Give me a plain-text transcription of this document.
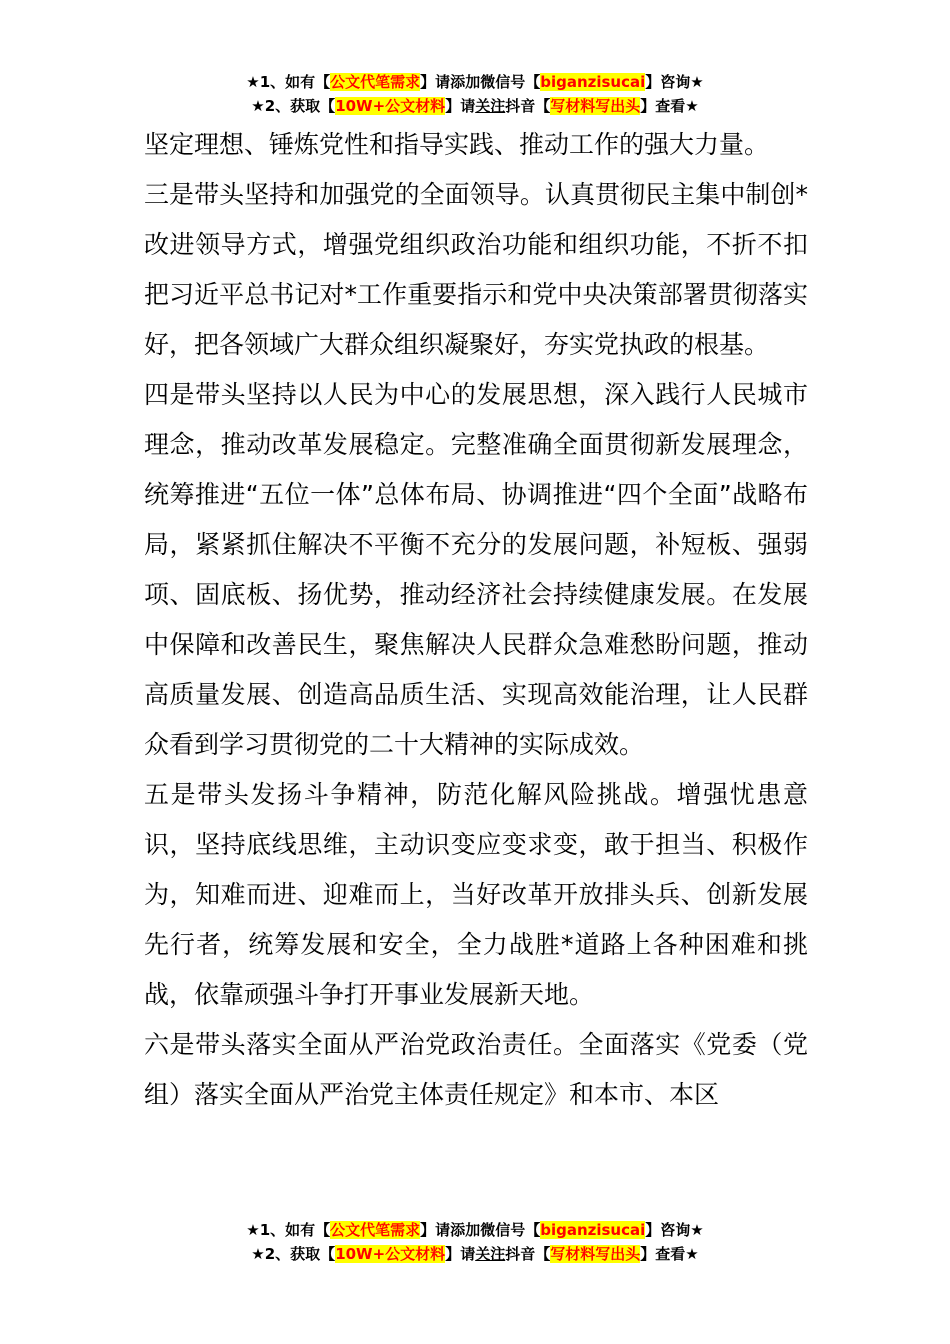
★1、如有【公文代笔需求】请添加微信号【biganzisucai】咨询★
★2、获取【10W+公文材料】请关注抖音【写材料写出头】查看★

坚定理想、锤炼党性和指导实践、推动工作的强大力量。

三是带头坚持和加强党的全面领导。认真贯彻民主集中制创*改进领导方式，增强党组织政治功能和组织功能，不折不扣把习近平总书记对*工作重要指示和党中央决策部署贯彻落实好，把各领域广大群众组织凝聚好，夯实党执政的根基。

四是带头坚持以人民为中心的发展思想，深入践行人民城市理念，推动改革发展稳定。完整准确全面贯彻新发展理念，统筹推进“五位一体”总体布局、协调推进“四个全面”战略布局，紧紧抓住解决不平衡不充分的发展问题，补短板、强弱项、固底板、扬优势，推动经济社会持续健康发展。在发展中保障和改善民生，聚焦解决人民群众急难愁盼问题，推动高质量发展、创造高品质生活、实现高效能治理，让人民群众看到学习贯彻党的二十大精神的实际成效。

五是带头发扬斗争精神，防范化解风险挑战。增强忧患意识，坚持底线思维，主动识变应变求变，敢于担当、积极作为，知难而进、迎难而上，当好改革开放排头兵、创新发展先行者，统筹发展和安全，全力战胜*道路上各种困难和挑战，依靠顽强斗争打开事业发展新天地。

六是带头落实全面从严治党政治责任。全面落实《党委（党组）落实全面从严治党主体责任规定》和本市、本区

★1、如有【公文代笔需求】请添加微信号【biganzisucai】咨询★
★2、获取【10W+公文材料】请关注抖音【写材料写出头】查看★
